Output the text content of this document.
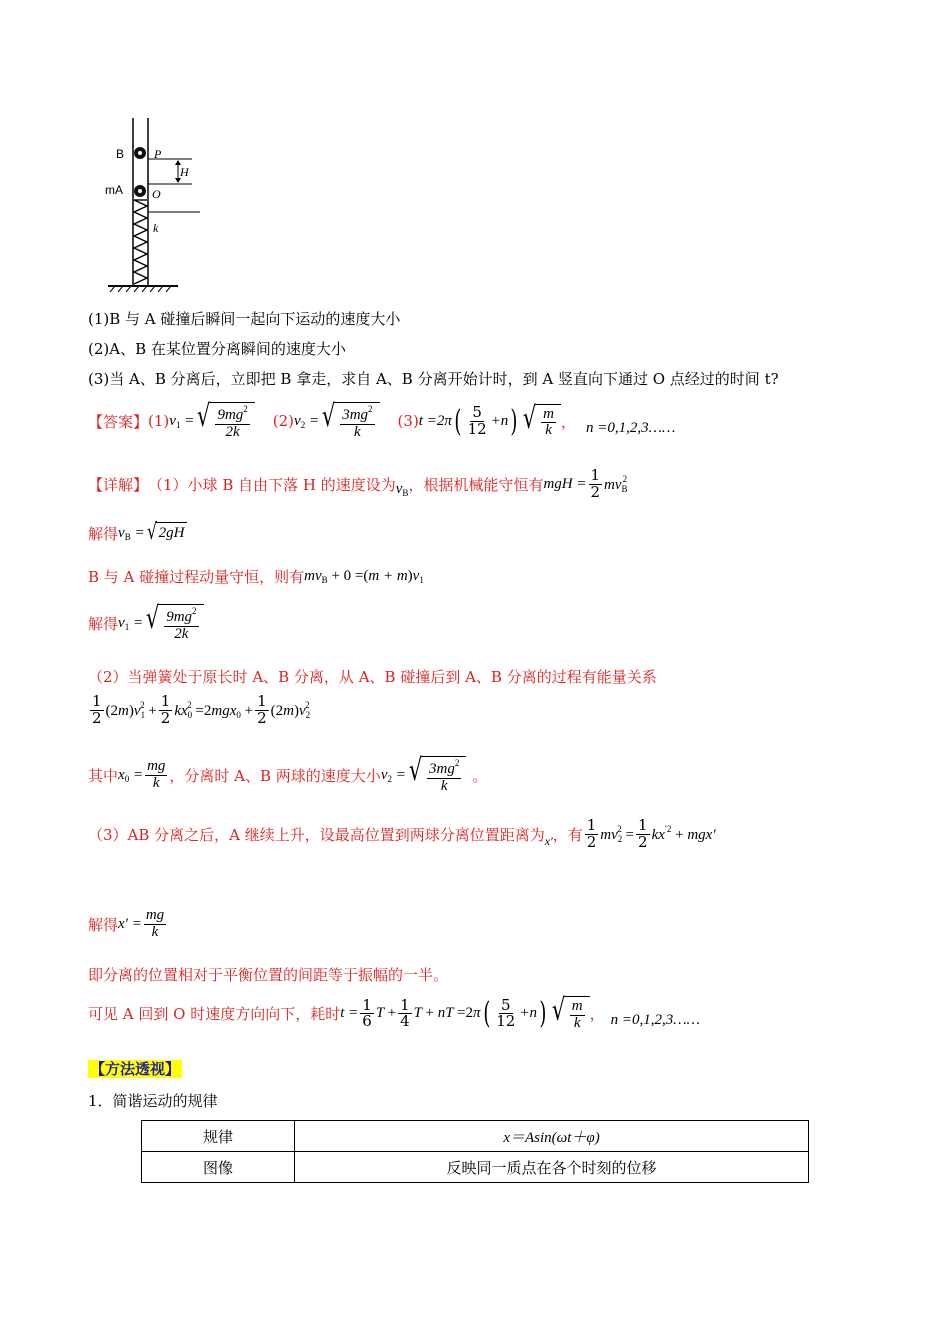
B P
H
mA O
k
(1)B 与 A 碰撞后瞬间一起向下运动的速度大小
(2)A、B 在某位置分离瞬间的速度大小
(3)当 A、B 分离后，立即把 B 拿走，求自 A、B 分离开始计时，到 A 竖直向下通过 O 点经过的时间 t?
【答案】 (1) $v_1$ = √ $\frac{9mg^2}{2k} (2) v_2$ = √ $\frac{3mg^2}{k} (3)$ t =2π ( $\frac{5}{12} +n$ ) √ $\frac{m}{k}$ ， n =0,1,2,3……
【详解】 （1）小球 B 自由下落 H 的速度设为 $v_B$ ，根据机械能守恒有 mgH = $\frac{1}{2} mv_B^2$
解得 $v_B$ = √ 2gH
B 与 A 碰撞过程动量守恒，则有 $mv_B + 0 =(m + m)v_1$
解得 $v_1$ = √ $\frac{9mg^2}{2k}$
（2）当弹簧处于原长时 A、B 分离，从 A、B 碰撞后到 A、B 分离的过程有能量关系
$\frac{1}{2} (2m)v_1^2 + \frac{1}{2} kx_0^2 =2mgx_0 + \frac{1}{2} (2m)v_2^2$
其中 $x_0 = \frac{mg}{k}$ ，分离时 A、B 两球的速度大小 $v_2$ = √ $\frac{3mg^2}{k}$ 。
（3）AB 分离之后，A 继续上升，设最高位置到两球分离位置距离为 x′ ，有 $\frac{1}{2} mv_2^2 = \frac{1}{2} kx^{'2} + mgx'$
解得 $x' = \frac{mg}{k}$
即分离的位置相对于平衡位置的间距等于振幅的一半。
可见 A 回到 O 时速度方向向下，耗时 $t = \frac{1}{6}$ $T + \frac{1}{4}$ T + nT =2π ( $\frac{5}{12} +n$ ) √ $\frac{m}{k}$ ， n =0,1,2,3……
【方法透视】
1．简谐运动的规律
规律	x＝Asin(ωt＋φ)
图像	反映同一质点在各个时刻的位移
